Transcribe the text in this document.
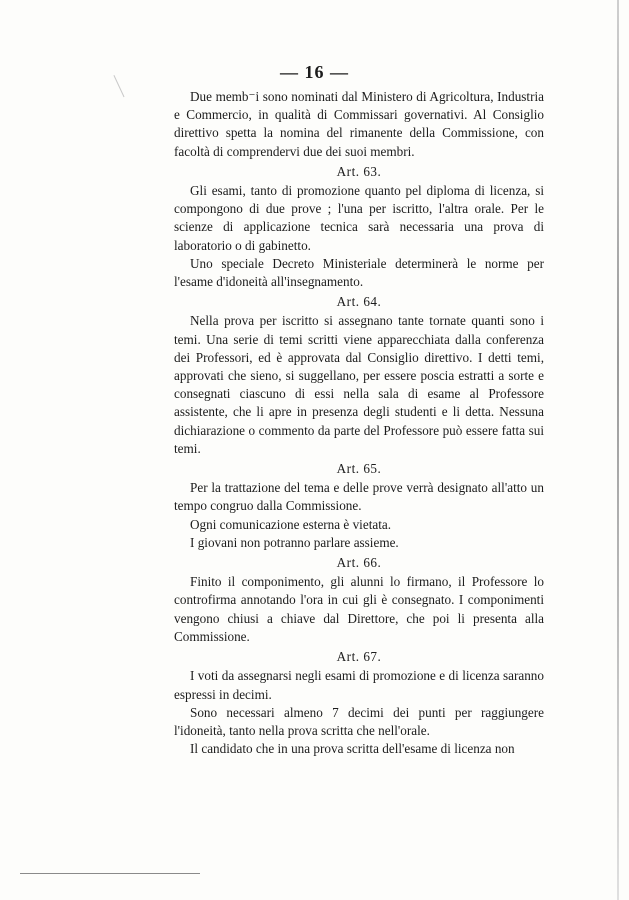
— 16 —

Due memb⁻i sono nominati dal Ministero di Agricoltura, Industria e Commercio, in qualità di Commissari governativi. Al Consiglio direttivo spetta la nomina del rimanente della Commissione, con facoltà di comprendervi due dei suoi membri.

Art. 63.

Gli esami, tanto di promozione quanto pel diploma di licenza, si compongono di due prove ; l'una per iscritto, l'altra orale. Per le scienze di applicazione tecnica sarà necessaria una prova di laboratorio o di gabinetto.

Uno speciale Decreto Ministeriale determinerà le norme per l'esame d'idoneità all'insegnamento.

Art. 64.

Nella prova per iscritto si assegnano tante tornate quanti sono i temi. Una serie di temi scritti viene apparecchiata dalla conferenza dei Professori, ed è approvata dal Consiglio direttivo. I detti temi, approvati che sieno, si suggellano, per essere poscia estratti a sorte e consegnati ciascuno di essi nella sala di esame al Professore assistente, che li apre in presenza degli studenti e li detta. Nessuna dichiarazione o commento da parte del Professore può essere fatta sui temi.

Art. 65.

Per la trattazione del tema e delle prove verrà designato all'atto un tempo congruo dalla Commissione.

Ogni comunicazione esterna è vietata.

I giovani non potranno parlare assieme.

Art. 66.

Finito il componimento, gli alunni lo firmano, il Professore lo controfirma annotando l'ora in cui gli è consegnato. I componimenti vengono chiusi a chiave dal Direttore, che poi li presenta alla Commissione.

Art. 67.

I voti da assegnarsi negli esami di promozione e di licenza saranno espressi in decimi.

Sono necessari almeno 7 decimi dei punti per raggiungere l'idoneità, tanto nella prova scritta che nell'orale.

Il candidato che in una prova scritta dell'esame di licenza non
